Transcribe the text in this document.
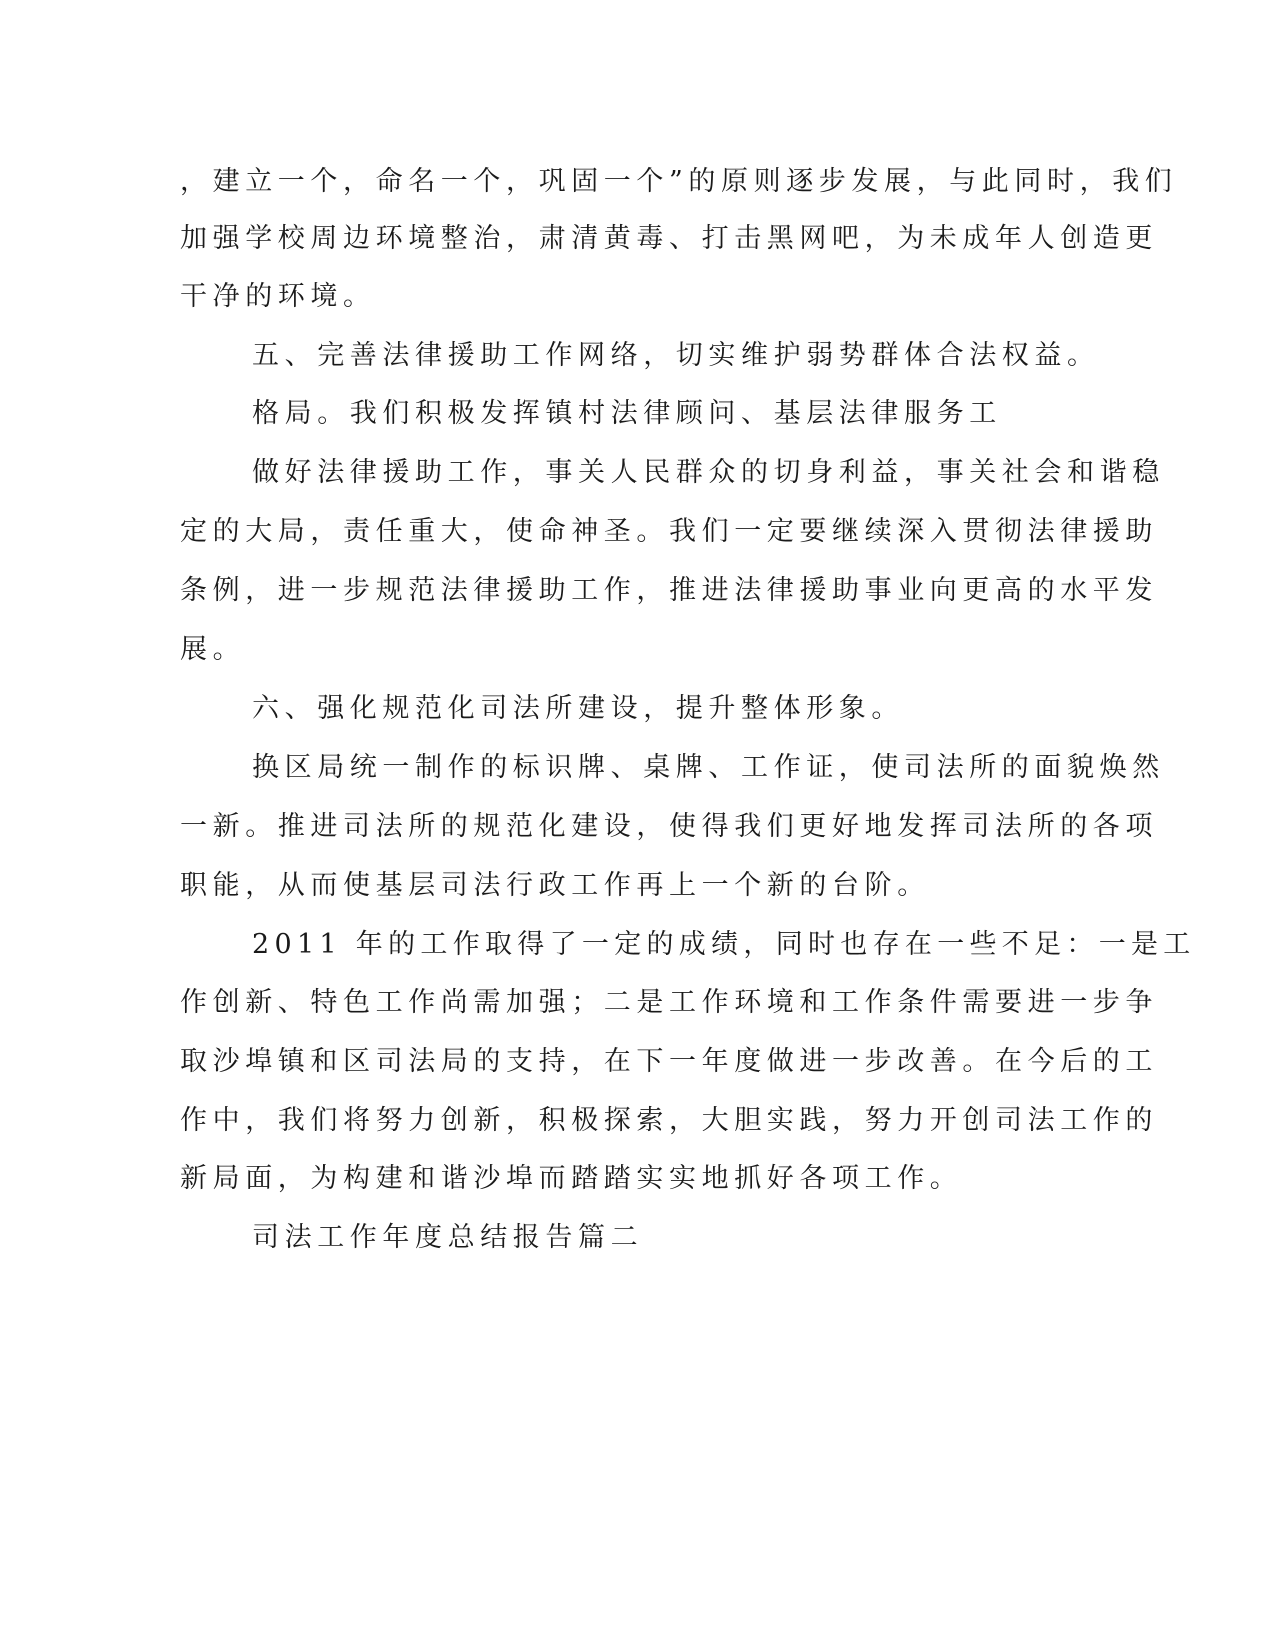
，建立一个，命名一个，巩固一个”的原则逐步发展，与此同时，我们
加强学校周边环境整治，肃清黄毒、打击黑网吧，为未成年人创造更
干净的环境。
五、完善法律援助工作网络，切实维护弱势群体合法权益。
格局。我们积极发挥镇村法律顾问、基层法律服务工
做好法律援助工作，事关人民群众的切身利益，事关社会和谐稳
定的大局，责任重大，使命神圣。我们一定要继续深入贯彻法律援助
条例，进一步规范法律援助工作，推进法律援助事业向更高的水平发
展。
六、强化规范化司法所建设，提升整体形象。
换区局统一制作的标识牌、桌牌、工作证，使司法所的面貌焕然
一新。推进司法所的规范化建设，使得我们更好地发挥司法所的各项
职能，从而使基层司法行政工作再上一个新的台阶。
2011 年的工作取得了一定的成绩，同时也存在一些不足：一是工
作创新、特色工作尚需加强；二是工作环境和工作条件需要进一步争
取沙埠镇和区司法局的支持，在下一年度做进一步改善。在今后的工
作中，我们将努力创新，积极探索，大胆实践，努力开创司法工作的
新局面，为构建和谐沙埠而踏踏实实地抓好各项工作。
司法工作年度总结报告篇二
